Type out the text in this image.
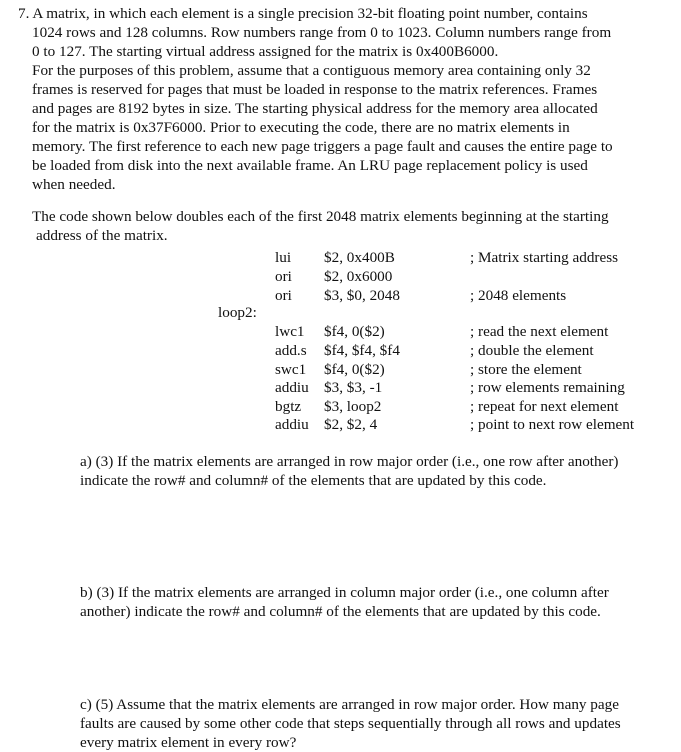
7. A matrix, in which each element is a single precision 32-bit floating point number, contains
1024 rows and 128 columns. Row numbers range from 0 to 1023. Column numbers range from
0 to 127. The starting virtual address assigned for the matrix is 0x400B6000.
For the purposes of this problem, assume that a contiguous memory area containing only 32
frames is reserved for pages that must be loaded in response to the matrix references. Frames
and pages are 8192 bytes in size. The starting physical address for the memory area allocated
for the matrix is 0x37F6000. Prior to executing the code, there are no matrix elements in
memory. The first reference to each new page triggers a page fault and causes the entire page to
be loaded from disk into the next available frame. An LRU page replacement policy is used
when needed.
The code shown below doubles each of the first 2048 matrix elements beginning at the starting
address of the matrix.
lui $2, 0x400B	; Matrix starting address
ori $2, 0x6000
ori $3, $0, 2048	; 2048 elements
loop2:
lwc1 $f4, 0($2)	; read the next element
add.s $f4, $f4, $f4	; double the element
swc1 $f4, 0($2)	; store the element
addiu $3, $3, -1	; row elements remaining
bgtz $3, loop2	; repeat for next element
addiu $2, $2, 4	; point to next row element
a) (3) If the matrix elements are arranged in row major order (i.e., one row after another)
indicate the row# and column# of the elements that are updated by this code.
b) (3) If the matrix elements are arranged in column major order (i.e., one column after
another) indicate the row# and column# of the elements that are updated by this code.
c) (5) Assume that the matrix elements are arranged in row major order. How many page
faults are caused by some other code that steps sequentially through all rows and updates
every matrix element in every row?
